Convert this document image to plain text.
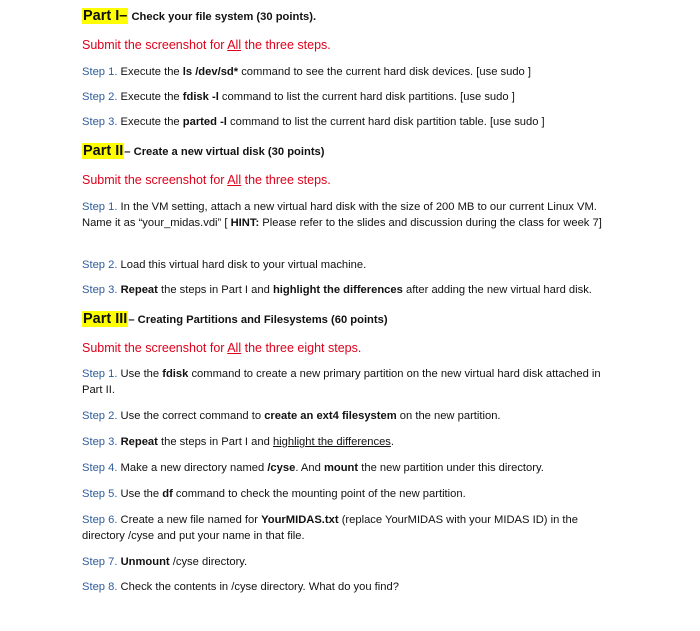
Part I– Check your file system (30 points).

Submit the screenshot for All the three steps.

Step 1. Execute the ls /dev/sd* command to see the current hard disk devices. [use sudo ]

Step 2. Execute the fdisk -l command to list the current hard disk partitions. [use sudo ]

Step 3. Execute the parted -l command to list the current hard disk partition table. [use sudo ]

Part II– Create a new virtual disk (30 points)

Submit the screenshot for All the three steps.

Step 1. In the VM setting, attach a new virtual hard disk with the size of 200 MB to our current Linux VM. Name it as “your_midas.vdi” [ HINT: Please refer to the slides and discussion during the class for week 7]

Step 2. Load this virtual hard disk to your virtual machine.

Step 3. Repeat the steps in Part I and highlight the differences after adding the new virtual hard disk.

Part III– Creating Partitions and Filesystems (60 points)

Submit the screenshot for All the three eight steps.

Step 1. Use the fdisk command to create a new primary partition on the new virtual hard disk attached in Part II.

Step 2. Use the correct command to create an ext4 filesystem on the new partition.

Step 3. Repeat the steps in Part I and highlight the differences.

Step 4. Make a new directory named /cyse. And mount the new partition under this directory.

Step 5. Use the df command to check the mounting point of the new partition.

Step 6. Create a new file named for YourMIDAS.txt (replace YourMIDAS with your MIDAS ID) in the directory /cyse and put your name in that file.

Step 7. Unmount /cyse directory.

Step 8. Check the contents in /cyse directory. What do you find?
